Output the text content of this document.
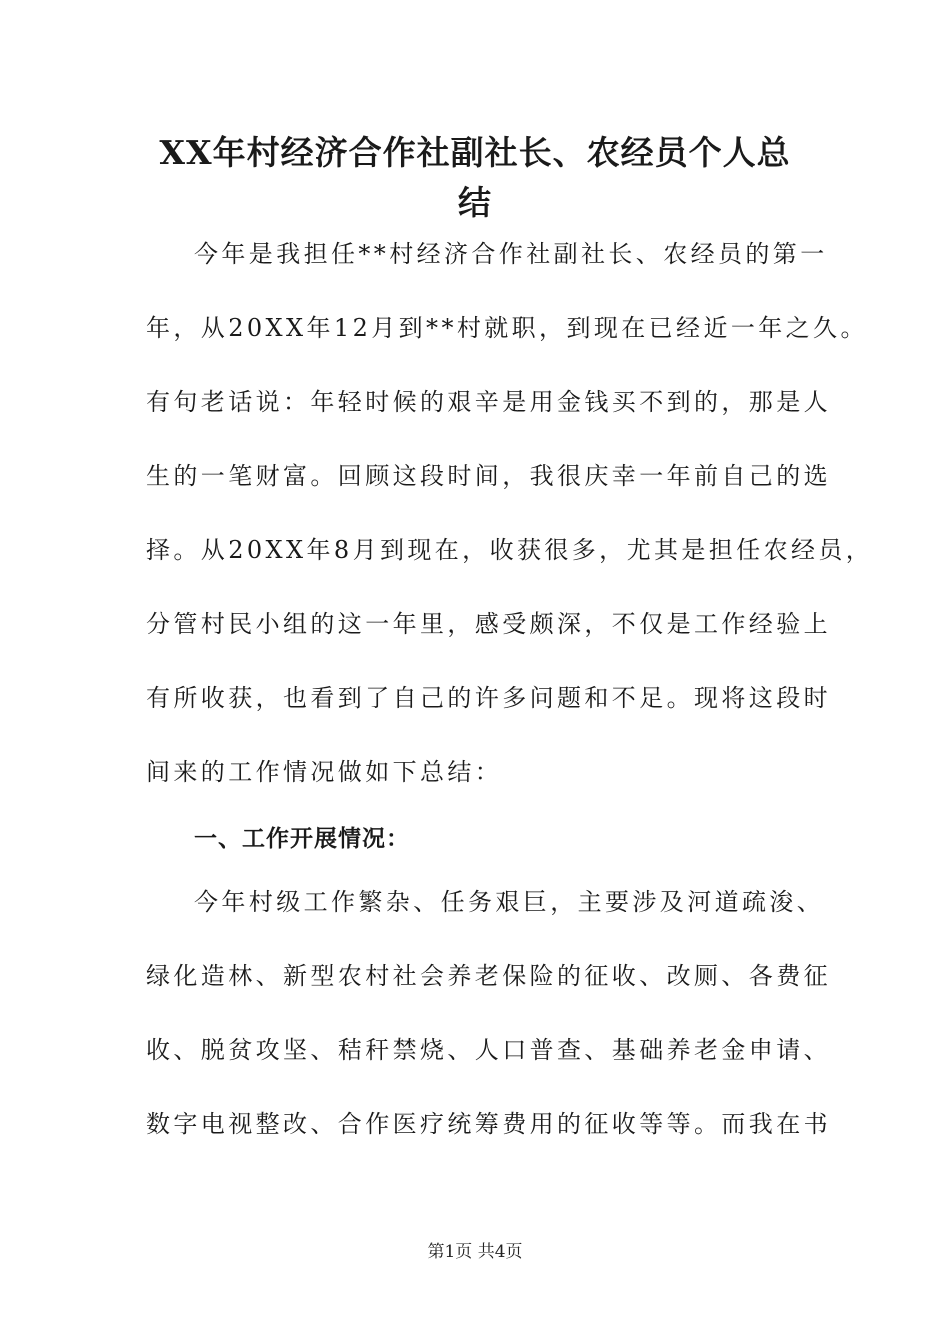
XX年村经济合作社副社长、农经员个人总
结
今年是我担任**村经济合作社副社长、农经员的第一
年，从20XX年12月到**村就职，到现在已经近一年之久。
有句老话说：年轻时候的艰辛是用金钱买不到的，那是人
生的一笔财富。回顾这段时间，我很庆幸一年前自己的选
择。从20XX年8月到现在，收获很多，尤其是担任农经员，
分管村民小组的这一年里，感受颇深，不仅是工作经验上
有所收获，也看到了自己的许多问题和不足。现将这段时
间来的工作情况做如下总结：
一、工作开展情况：
今年村级工作繁杂、任务艰巨，主要涉及河道疏浚、
绿化造林、新型农村社会养老保险的征收、改厕、各费征
收、脱贫攻坚、秸秆禁烧、人口普查、基础养老金申请、
数字电视整改、合作医疗统筹费用的征收等等。而我在书
第1页 共4页
